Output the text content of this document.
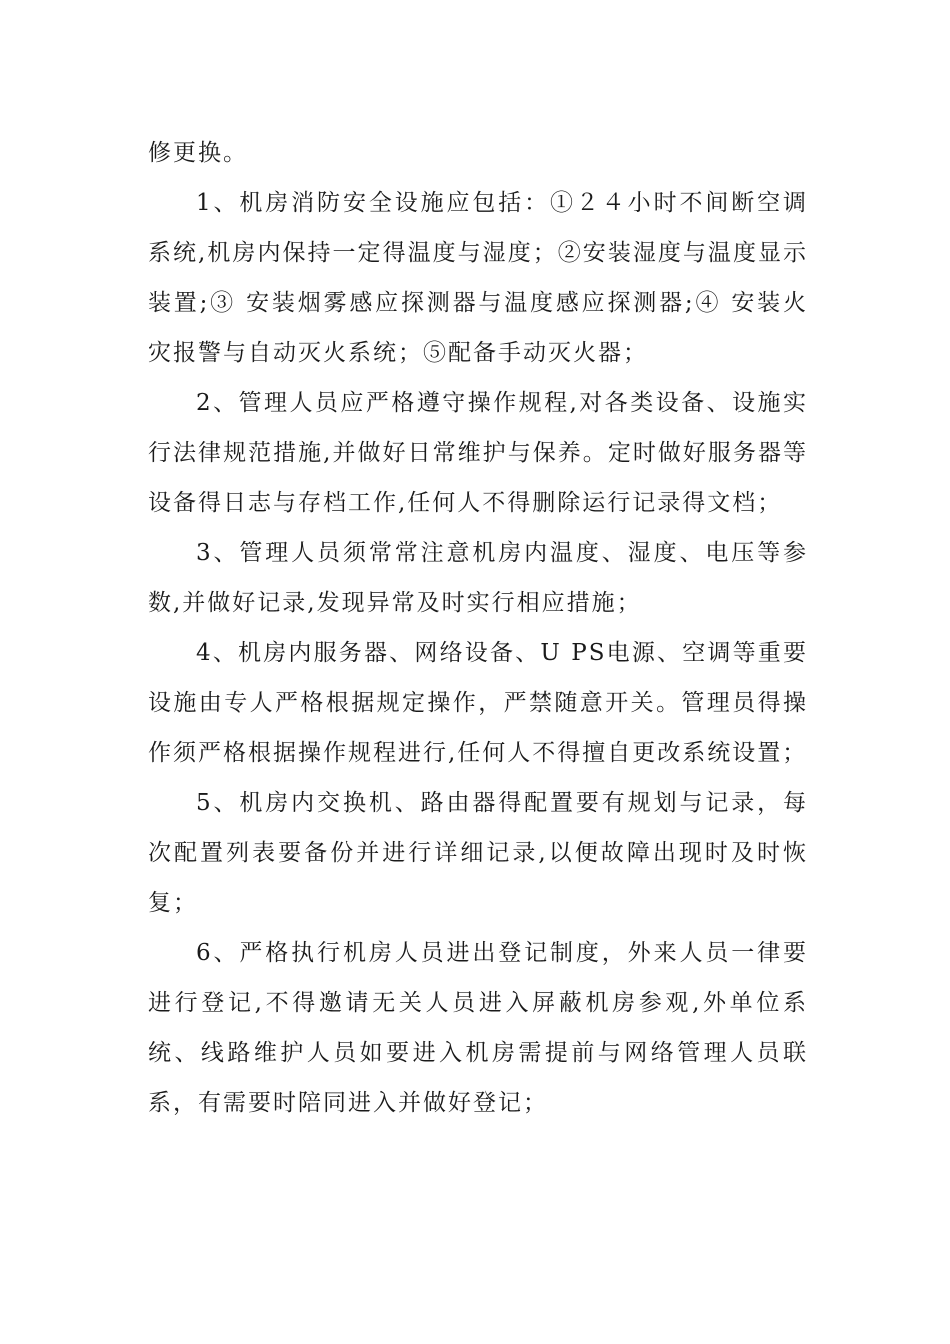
修更换。

1、机房消防安全设施应包括：①２４小时不间断空调系统,机房内保持一定得温度与湿度；②安装湿度与温度显示装置;③ 安装烟雾感应探测器与温度感应探测器;④ 安装火灾报警与自动灭火系统；⑤配备手动灭火器；

2、管理人员应严格遵守操作规程,对各类设备、设施实行法律规范措施,并做好日常维护与保养。定时做好服务器等设备得日志与存档工作,任何人不得删除运行记录得文档；

3、管理人员须常常注意机房内温度、湿度、电压等参数,并做好记录,发现异常及时实行相应措施；

4、机房内服务器、网络设备、U PS电源、空调等重要设施由专人严格根据规定操作，严禁随意开关。管理员得操作须严格根据操作规程进行,任何人不得擅自更改系统设置；

5、机房内交换机、路由器得配置要有规划与记录，每次配置列表要备份并进行详细记录,以便故障出现时及时恢复；

6、严格执行机房人员进出登记制度，外来人员一律要进行登记,不得邀请无关人员进入屏蔽机房参观,外单位系统、线路维护人员如要进入机房需提前与网络管理人员联系，有需要时陪同进入并做好登记；
